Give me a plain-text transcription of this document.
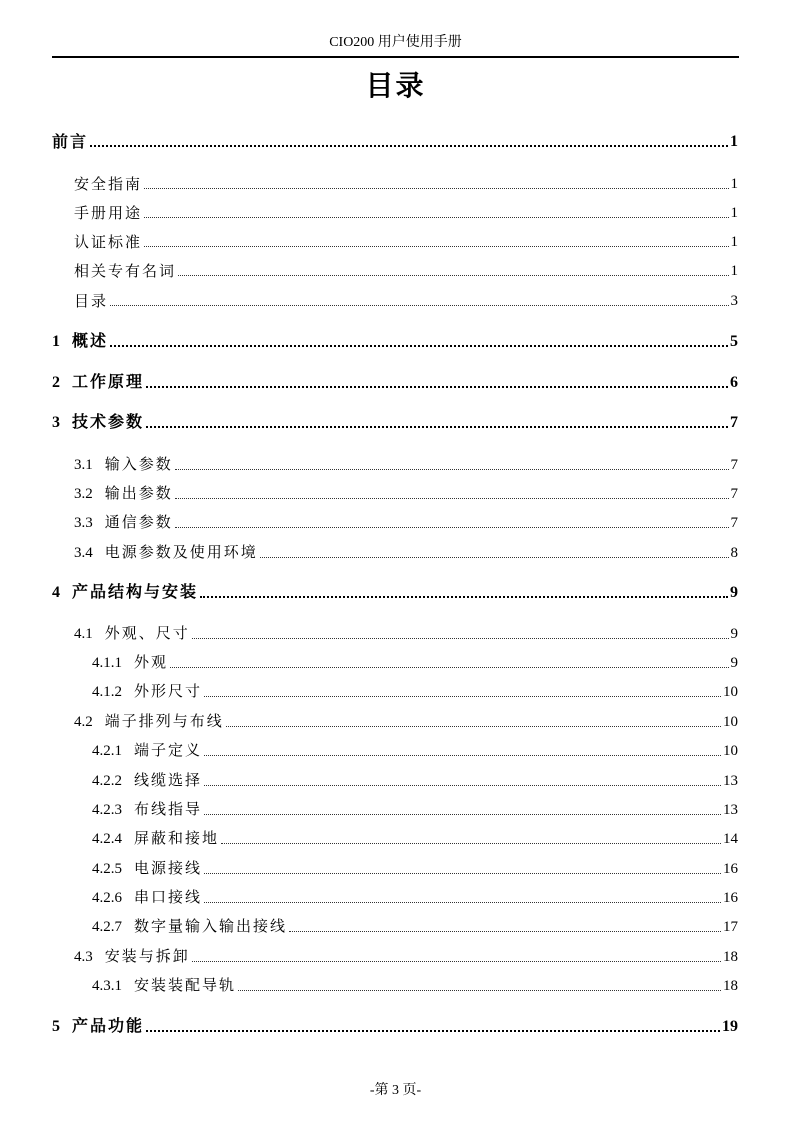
CIO200 用户使用手册
目录
前言	1
安全指南	1
手册用途	1
认证标准	1
相关专有名词	1
目录	3
1 概述	5
2 工作原理	6
3 技术参数	7
3.1 输入参数	7
3.2 输出参数	7
3.3 通信参数	7
3.4 电源参数及使用环境	8
4 产品结构与安装	9
4.1 外观、尺寸	9
4.1.1 外观	9
4.1.2 外形尺寸	10
4.2 端子排列与布线	10
4.2.1 端子定义	10
4.2.2 线缆选择	13
4.2.3 布线指导	13
4.2.4 屏蔽和接地	14
4.2.5 电源接线	16
4.2.6 串口接线	16
4.2.7 数字量输入输出接线	17
4.3 安装与拆卸	18
4.3.1 安装装配导轨	18
5 产品功能	19
-第 3 页-
